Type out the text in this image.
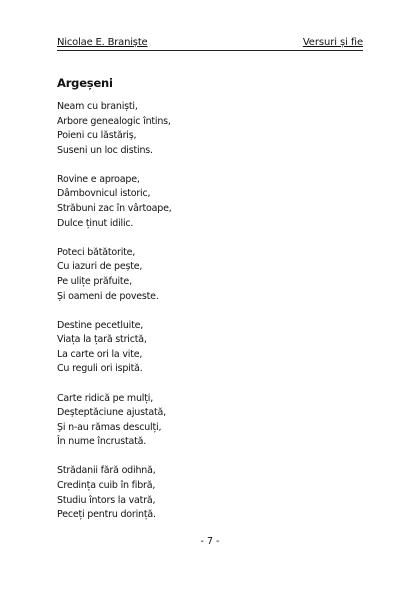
Nicolae E. Braniște	Versuri și fie
Argeșeni
Neam cu braniști,
Arbore genealogic întins,
Poieni cu lăstăriș,
Suseni un loc distins.
Rovine e aproape,
Dâmbovnicul istoric,
Străbuni zac în vârtoape,
Dulce ținut idilic.
Poteci bătătorite,
Cu iazuri de pește,
Pe ulițe prăfuite,
Și oameni de poveste.
Destine pecetluite,
Viața la țară strictă,
La carte ori la vite,
Cu reguli ori ispită.
Carte ridică pe mulți,
Deșteptăciune ajustată,
Și n-au rămas desculți,
În nume încrustată.
Strădanii fără odihnă,
Credința cuib în fibră,
Studiu întors la vatră,
Peceți pentru dorință.
- 7 -
